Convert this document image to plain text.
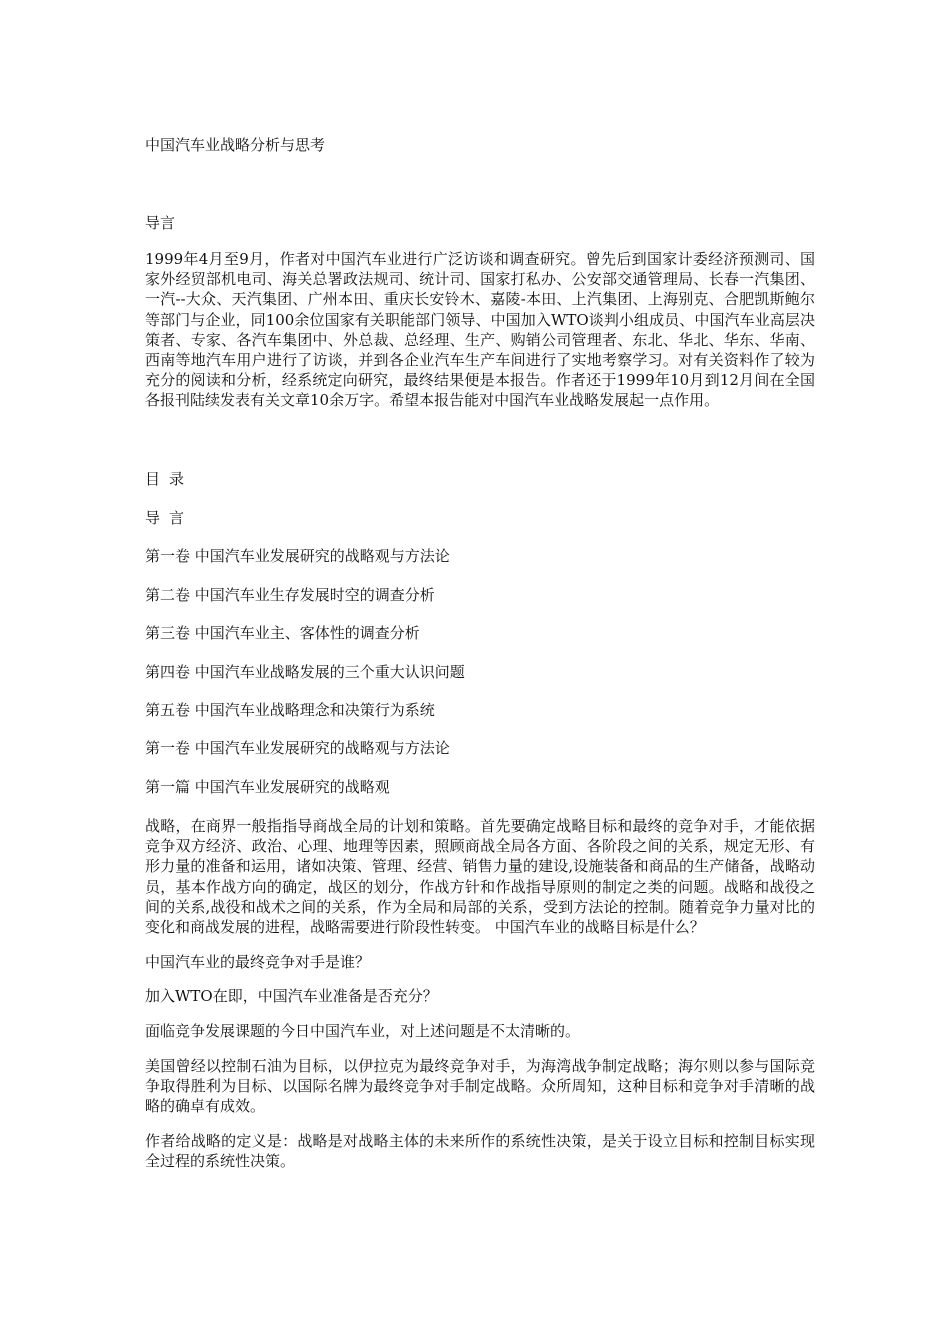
中国汽车业战略分析与思考
导言
1999年4月至9月，作者对中国汽车业进行广泛访谈和调查研究。曾先后到国家计委经济预测司、国家外经贸部机电司、海关总署政法规司、统计司、国家打私办、公安部交通管理局、长春一汽集团、一汽--大众、天汽集团、广州本田、重庆长安铃木、嘉陵-本田、上汽集团、上海别克、合肥凯斯鲍尔等部门与企业，同100余位国家有关职能部门领导、中国加入WTO谈判小组成员、中国汽车业高层决策者、专家、各汽车集团中、外总裁、总经理、生产、购销公司管理者、东北、华北、华东、华南、西南等地汽车用户进行了访谈，并到各企业汽车生产车间进行了实地考察学习。对有关资料作了较为充分的阅读和分析，经系统定向研究，最终结果便是本报告。作者还于1999年10月到12月间在全国各报刊陆续发表有关文章10余万字。希望本报告能对中国汽车业战略发展起一点作用。
目录
导言
第一卷 中国汽车业发展研究的战略观与方法论
第二卷 中国汽车业生存发展时空的调查分析
第三卷 中国汽车业主、客体性的调查分析
第四卷 中国汽车业战略发展的三个重大认识问题
第五卷 中国汽车业战略理念和决策行为系统
第一卷 中国汽车业发展研究的战略观与方法论
第一篇 中国汽车业发展研究的战略观

战略，在商界一般指指导商战全局的计划和策略。首先要确定战略目标和最终的竞争对手，才能依据竞争双方经济、政治、心理、地理等因素，照顾商战全局各方面、各阶段之间的关系，规定无形、有形力量的准备和运用，诸如决策、管理、经营、销售力量的建设,设施装备和商品的生产储备，战略动员，基本作战方向的确定，战区的划分，作战方针和作战指导原则的制定之类的问题。战略和战役之间的关系,战役和战术之间的关系，作为全局和局部的关系，受到方法论的控制。随着竞争力量对比的变化和商战发展的进程，战略需要进行阶段性转变。 中国汽车业的战略目标是什么？

中国汽车业的最终竞争对手是谁？

加入WTO在即，中国汽车业准备是否充分？

面临竞争发展课题的今日中国汽车业，对上述问题是不太清晰的。

美国曾经以控制石油为目标，以伊拉克为最终竞争对手，为海湾战争制定战略；海尔则以参与国际竞争取得胜利为目标、以国际名牌为最终竞争对手制定战略。众所周知，这种目标和竞争对手清晰的战略的确卓有成效。

作者给战略的定义是：战略是对战略主体的未来所作的系统性决策，是关于设立目标和控制目标实现全过程的系统性决策。
